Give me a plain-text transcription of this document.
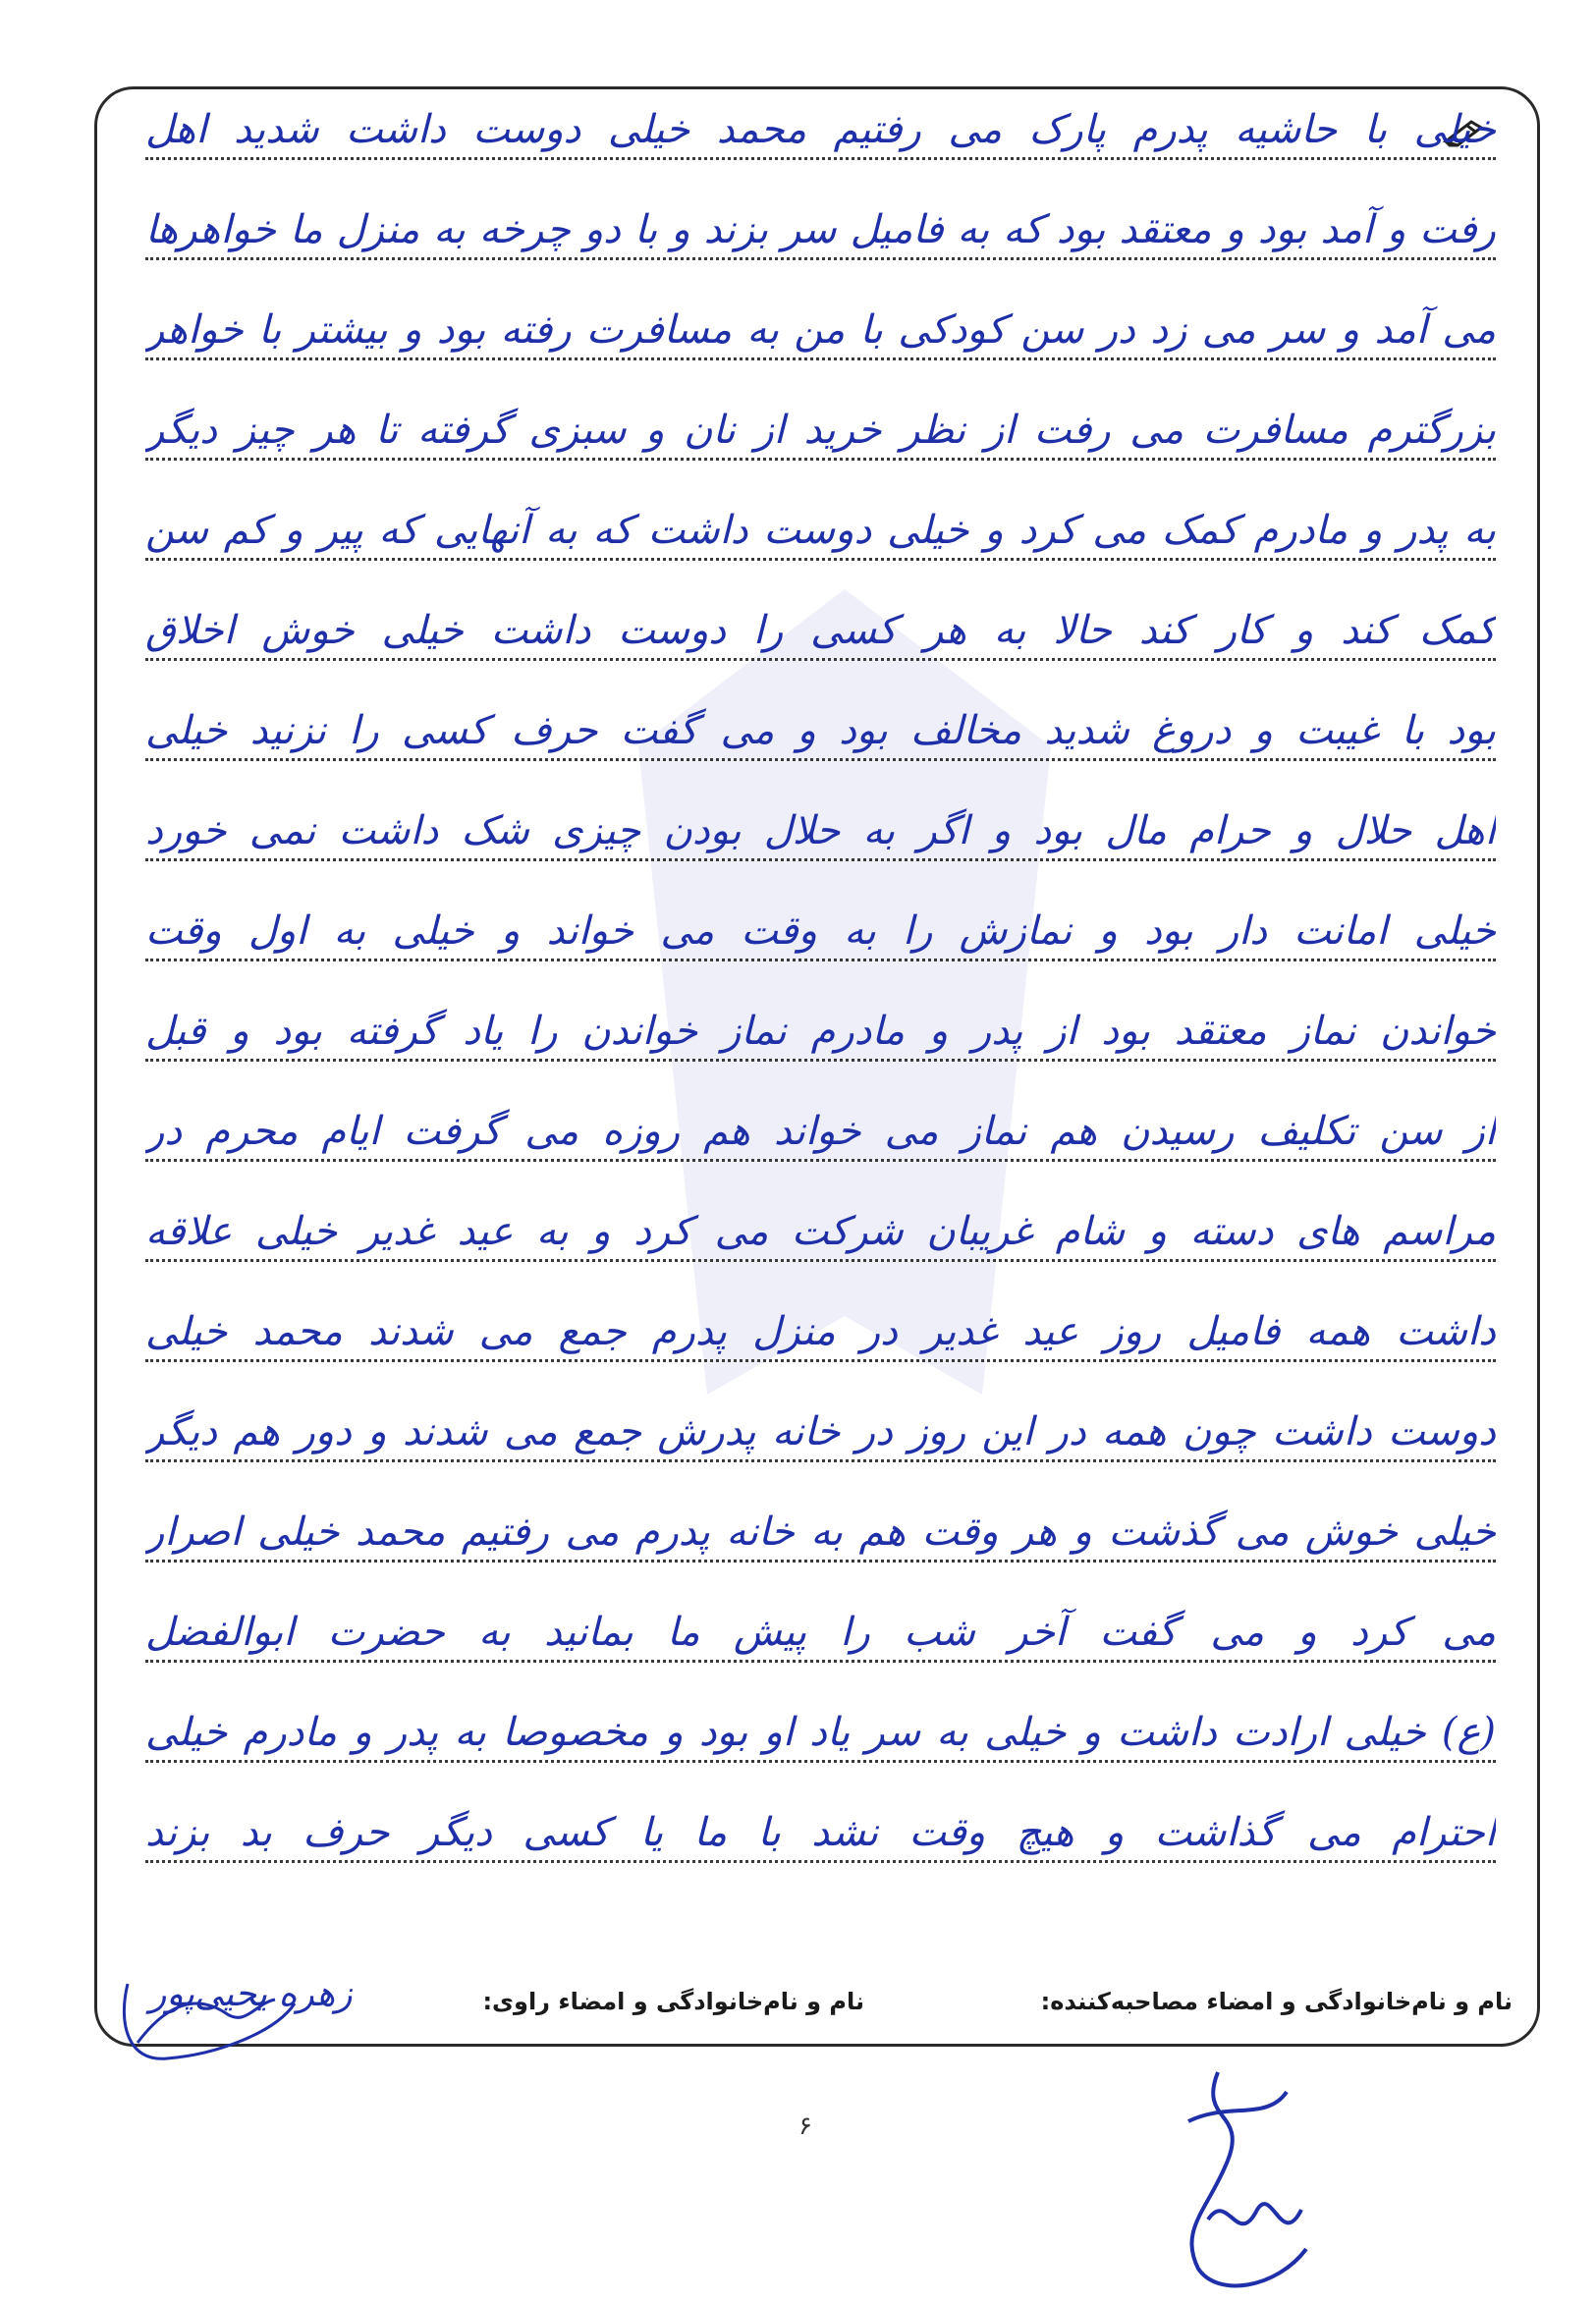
خیلی با حاشیه پدرم پارک می رفتیم محمد خیلی دوست داشت شدید اهل
رفت و آمد بود و معتقد بود که به فامیل سر بزند و با دو چرخه به منزل ما خواهرها
می آمد و سر می زد در سن کودکی با من به مسافرت رفته بود و بیشتر با خواهر
بزرگترم مسافرت می رفت از نظر خرید از نان و سبزی گرفته تا هر چیز دیگر
به پدر و مادرم کمک می کرد و خیلی دوست داشت که به آنهایی که پیر و کم سن
کمک کند و کار کند حالا به هر کسی را دوست داشت خیلی خوش اخلاق
بود با غیبت و دروغ شدید مخالف بود و می گفت حرف کسی را نزنید خیلی
اهل حلال و حرام مال بود و اگر به حلال بودن چیزی شک داشت نمی خورد
خیلی امانت دار بود و نمازش را به وقت می خواند و خیلی به اول وقت
خواندن نماز معتقد بود از پدر و مادرم نماز خواندن را یاد گرفته بود و قبل
از سن تکلیف رسیدن هم نماز می خواند هم روزه می گرفت ایام محرم در
مراسم های دسته و شام غریبان شرکت می کرد و به عید غدیر خیلی علاقه
داشت همه فامیل روز عید غدیر در منزل پدرم جمع می شدند محمد خیلی
دوست داشت چون همه در این روز در خانه پدرش جمع می شدند و دور هم دیگر
خیلی خوش می گذشت و هر وقت هم به خانه پدرم می رفتیم محمد خیلی اصرار
می کرد و می گفت آخر شب را پیش ما بمانید به حضرت ابوالفضل
(ع) خیلی ارادت داشت و خیلی به سر یاد او بود و مخصوصا به پدر و مادرم خیلی
احترام می گذاشت و هیچ وقت نشد با ما یا کسی دیگر حرف بد بزند
نام و نام‌خانوادگی و امضاء مصاحبه‌کننده:
نام و نام‌خانوادگی و امضاء راوی:
زهره یحیی‌پور
۶
